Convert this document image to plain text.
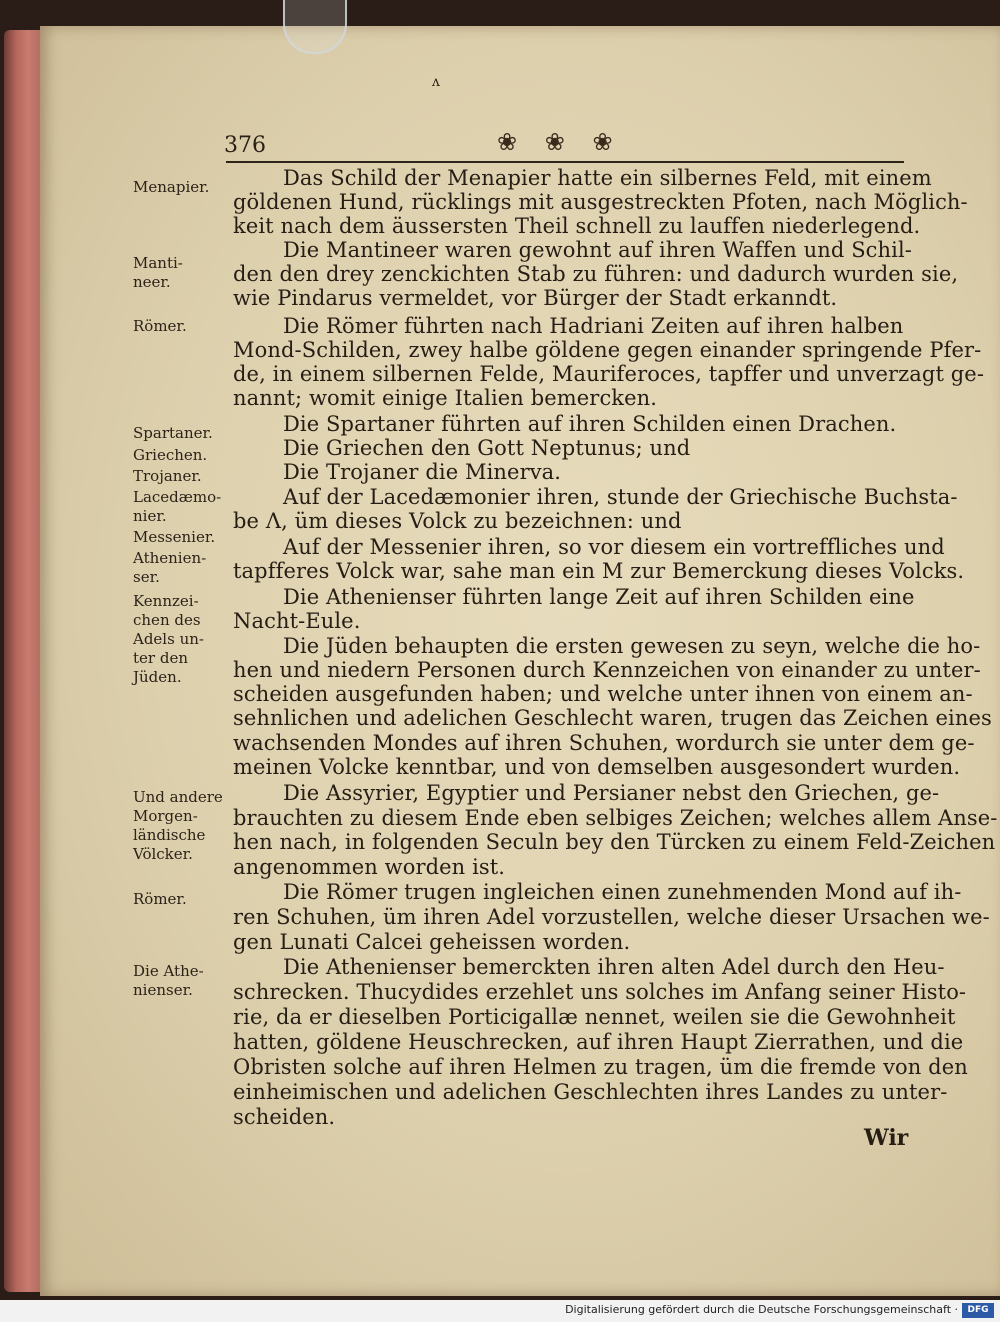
ʌ
376	❀ ❀ ❀
Menapier.
Manti-
neer.
Römer.
Spartaner.
Griechen.
Trojaner.
Lacedæmo-
nier.
Messenier.
Athenien-
ser.
Kennzei-
chen des
Adels un-
ter den
Jüden.
Und andere
Morgen-
ländische
Völcker.
Römer.
Die Athe-
nienser.
Das Schild der Menapier hatte ein silbernes Feld, mit einem
göldenen Hund, rücklings mit ausgestreckten Pfoten, nach Möglich-
keit nach dem äussersten Theil schnell zu lauffen niederlegend.
Die Mantineer waren gewohnt auf ihren Waffen und Schil-
den den drey zenckichten Stab zu führen: und dadurch wurden sie,
wie Pindarus vermeldet, vor Bürger der Stadt erkanndt.
Die Römer führten nach Hadriani Zeiten auf ihren halben
Mond-Schilden, zwey halbe göldene gegen einander springende Pfer-
de, in einem silbernen Felde, Mauriferoces, tapffer und unverzagt ge-
nannt; womit einige Italien bemercken.
Die Spartaner führten auf ihren Schilden einen Drachen.
Die Griechen den Gott Neptunus; und
Die Trojaner die Minerva.
Auf der Lacedæmonier ihren, stunde der Griechische Buchsta-
be Λ, üm dieses Volck zu bezeichnen: und
Auf der Messenier ihren, so vor diesem ein vortreffliches und
tapfferes Volck war, sahe man ein M zur Bemerckung dieses Volcks.
Die Athenienser führten lange Zeit auf ihren Schilden eine
Nacht-Eule.
Die Jüden behaupten die ersten gewesen zu seyn, welche die ho-
hen und niedern Personen durch Kennzeichen von einander zu unter-
scheiden ausgefunden haben; und welche unter ihnen von einem an-
sehnlichen und adelichen Geschlecht waren, trugen das Zeichen eines
wachsenden Mondes auf ihren Schuhen, wordurch sie unter dem ge-
meinen Volcke kenntbar, und von demselben ausgesondert wurden.
Die Assyrier, Egyptier und Persianer nebst den Griechen, ge-
brauchten zu diesem Ende eben selbiges Zeichen; welches allem Anse-
hen nach, in folgenden Seculn bey den Türcken zu einem Feld-Zeichen
angenommen worden ist.
Die Römer trugen ingleichen einen zunehmenden Mond auf ih-
ren Schuhen, üm ihren Adel vorzustellen, welche dieser Ursachen we-
gen Lunati Calcei geheissen worden.
Die Athenienser bemerckten ihren alten Adel durch den Heu-
schrecken. Thucydides erzehlet uns solches im Anfang seiner Histo-
rie, da er dieselben Porticigallæ nennet, weilen sie die Gewohnheit
hatten, göldene Heuschrecken, auf ihren Haupt Zierrathen, und die
Obristen solche auf ihren Helmen zu tragen, üm die fremde von den
einheimischen und adelichen Geschlechten ihres Landes zu unter-
scheiden.
Wir
Digitalisierung gefördert durch die Deutsche Forschungsgemeinschaft ·	DFG
